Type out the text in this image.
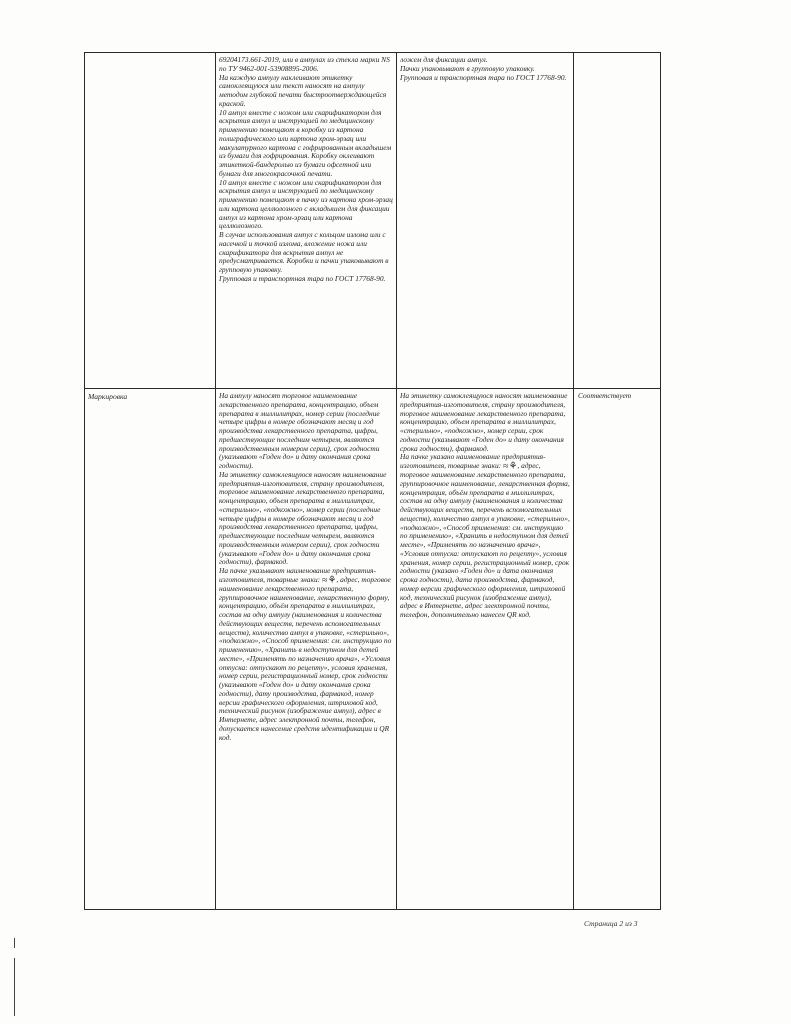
69204173.661-2019, или в ампулах из стекла марки NS по ТУ 9462-001-53908895-2006.

На каждую ампулу наклеивают этикетку самоклеящуюся или текст наносят на ампулу методом глубокой печати быстроотверждающейся краской.

10 ампул вместе с ножом или скарификатором для вскрытия ампул и инструкцией по медицинскому применению помещают в коробку из картона полиграфического или картона хром-эрзац или макулатурного картона с гофрированным вкладышем из бумаги для гофрирования. Коробку оклеивают этикеткой-бандеролью из бумаги офсетной или бумаги для многокрасочной печати.

10 ампул вместе с ножом или скарификатором для вскрытия ампул и инструкцией по медицинскому применению помещают в пачку из картона хром-эрзац или картона целлюлозного с вкладышем для фиксации ампул из картона хром-эрзац или картона целлюлозного.

В случае использования ампул с кольцом излома или с насечкой и точкой излома, вложение ножа или скарификатора для вскрытия ампул не предусматривается. Коробки и пачки упаковывают в групповую упаковку.

Групповая и транспортная тара по ГОСТ 17768-90.

ложем для фиксации ампул.

Пачки упаковывают в групповую упаковку.

Групповая и транспортная тара по ГОСТ 17768-90.

Маркировка	На ампулу наносят торговое наименование лекарственного препарата, концентрацию, объем препарата в миллилитрах, номер серии (последние четыре цифры в номере обозначают месяц и год производства лекарственного препарата, цифры, предшествующие последним четырем, являются производственным номером серии), срок годности (указывают «Годен до» и дату окончания срока годности).

На этикетку самоклеящуюся наносят наименование предприятия-изготовителя, страну производителя, торговое наименование лекарственного препарата, концентрацию, объем препарата в миллилитрах, «стерильно», «подкожно», номер серии (последние четыре цифры в номере обозначают месяц и год производства лекарственного препарата, цифры, предшествующие последним четырем, являются производственным номером серии), срок годности (указывают «Годен до» и дату окончания срока годности), фармакод.

На пачке указывают наименование предприятия-изготовителя, товарные знаки: ≈⚘, адрес, торговое наименование лекарственного препарата, группировочное наименование, лекарственную форму, концентрацию, объём препарата в миллилитрах, состав на одну ампулу (наименования и количества действующих веществ, перечень вспомогательных веществ), количество ампул в упаковке, «стерильно», «подкожно», «Способ применения: см. инструкцию по применению», «Хранить в недоступном для детей месте», «Применять по назначению врача», «Условия отпуска: отпускают по рецепту», условия хранения, номер серии, регистрационный номер, срок годности (указывают «Годен до» и дату окончания срока годности), дату производства, фармакод, номер версии графического оформления, штриховой код, технический рисунок (изображение ампул), адрес в Интернете, адрес электронной почты, телефон, допускается нанесение средств идентификации и QR код.

На этикетку самоклеящуюся наносят наименование предприятия-изготовителя, страну производителя, торговое наименование лекарственного препарата, концентрацию, объем препарата в миллилитрах, «стерильно», «подкожно», номер серии, срок годности (указывают «Годен до» и дату окончания срока годности), фармакод.

На пачке указано наименование предприятия-изготовителя, товарные знаки: ≈⚘, адрес, торговое наименование лекарственного препарата, группировочное наименование, лекарственная форма, концентрация, объём препарата в миллилитрах, состав на одну ампулу (наименования и количества действующих веществ, перечень вспомогательных веществ), количество ампул в упаковке, «стерильно», «подкожно», «Способ применения: см. инструкцию по применению», «Хранить в недоступном для детей месте», «Применять по назначению врача», «Условия отпуска: отпускают по рецепту», условия хранения, номер серии, регистрационный номер, срок годности (указано «Годен до» и дата окончания срока годности), дата производства, фармакод, номер версии графического оформления, штриховой код, технический рисунок (изображение ампул), адрес в Интернете, адрес электронной почты, телефон, дополнительно нанесен QR код.

Соответствует
Страница 2 из 3
